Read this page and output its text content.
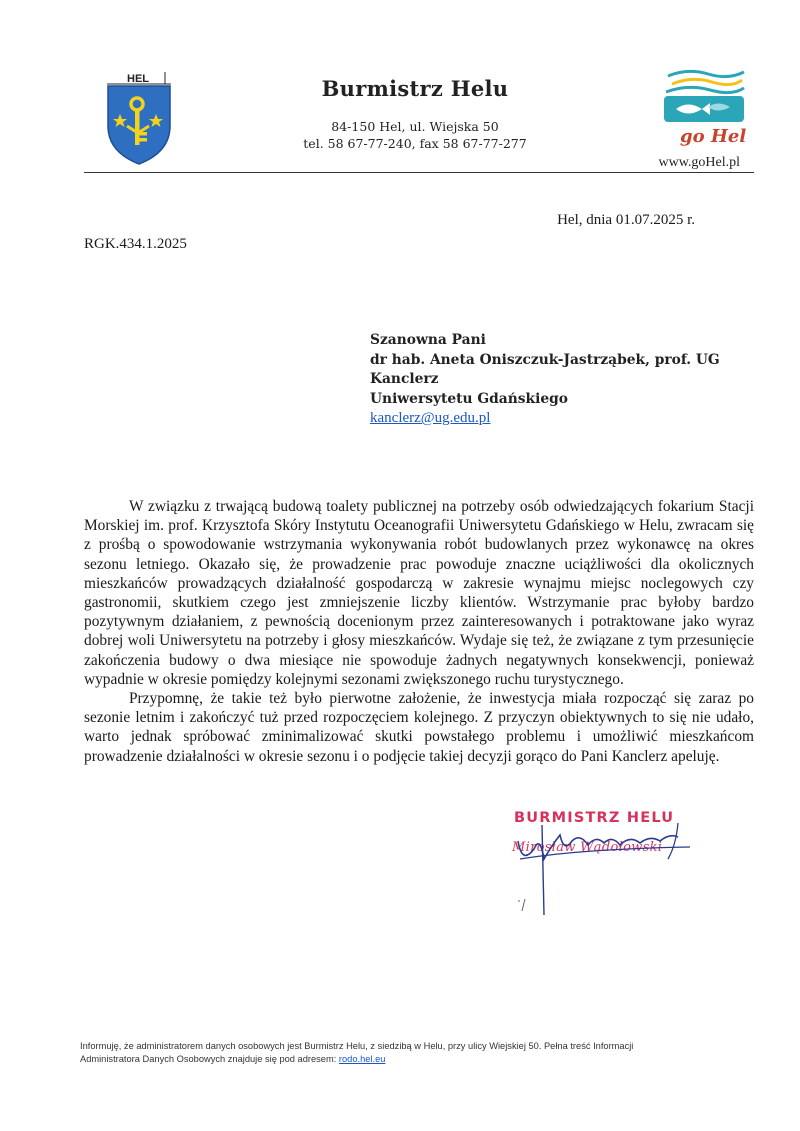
HEL	Burmistrz Helu
84-150 Hel, ul. Wiejska 50
tel. 58 67-77-240, fax 58 67-77-277	go Hel
www.goHel.pl
Hel, dnia 01.07.2025 r.
RGK.434.1.2025
Szanowna Pani
dr hab. Aneta Oniszczuk-Jastrząbek, prof. UG
Kanclerz
Uniwersytetu Gdańskiego
kanclerz@ug.edu.pl

W związku z trwającą budową toalety publicznej na potrzeby osób odwiedzających fokarium Stacji Morskiej im. prof. Krzysztofa Skóry Instytutu Oceanografii Uniwersytetu Gdańskiego w Helu, zwracam się z prośbą o spowodowanie wstrzymania wykonywania robót budowlanych przez wykonawcę na okres sezonu letniego. Okazało się, że prowadzenie prac powoduje znaczne uciążliwości dla okolicznych mieszkańców prowadzących działalność gospodarczą w zakresie wynajmu miejsc noclegowych czy gastronomii, skutkiem czego jest zmniejszenie liczby klientów. Wstrzymanie prac byłoby bardzo pozytywnym działaniem, z pewnością docenionym przez zainteresowanych i potraktowane jako wyraz dobrej woli Uniwersytetu na potrzeby i głosy mieszkańców. Wydaje się też, że związane z tym przesunięcie zakończenia budowy o dwa miesiące nie spowoduje żadnych negatywnych konsekwencji, ponieważ wypadnie w okresie pomiędzy kolejnymi sezonami zwiększonego ruchu turystycznego.

Przypomnę, że takie też było pierwotne założenie, że inwestycja miała rozpocząć się zaraz po sezonie letnim i zakończyć tuż przed rozpoczęciem kolejnego. Z przyczyn obiektywnych to się nie udało, warto jednak spróbować zminimalizować skutki powstałego problemu i umożliwić mieszkańcom prowadzenie działalności w okresie sezonu i o podjęcie takiej decyzji gorąco do Pani Kanclerz apeluję.

BURMISTRZ HELU
Mirosław Wądołowski
Informuję, że administratorem danych osobowych jest Burmistrz Helu, z siedzibą w Helu, przy ulicy Wiejskiej 50. Pełna treść Informacji
Administratora Danych Osobowych znajduje się pod adresem: rodo.hel.eu
